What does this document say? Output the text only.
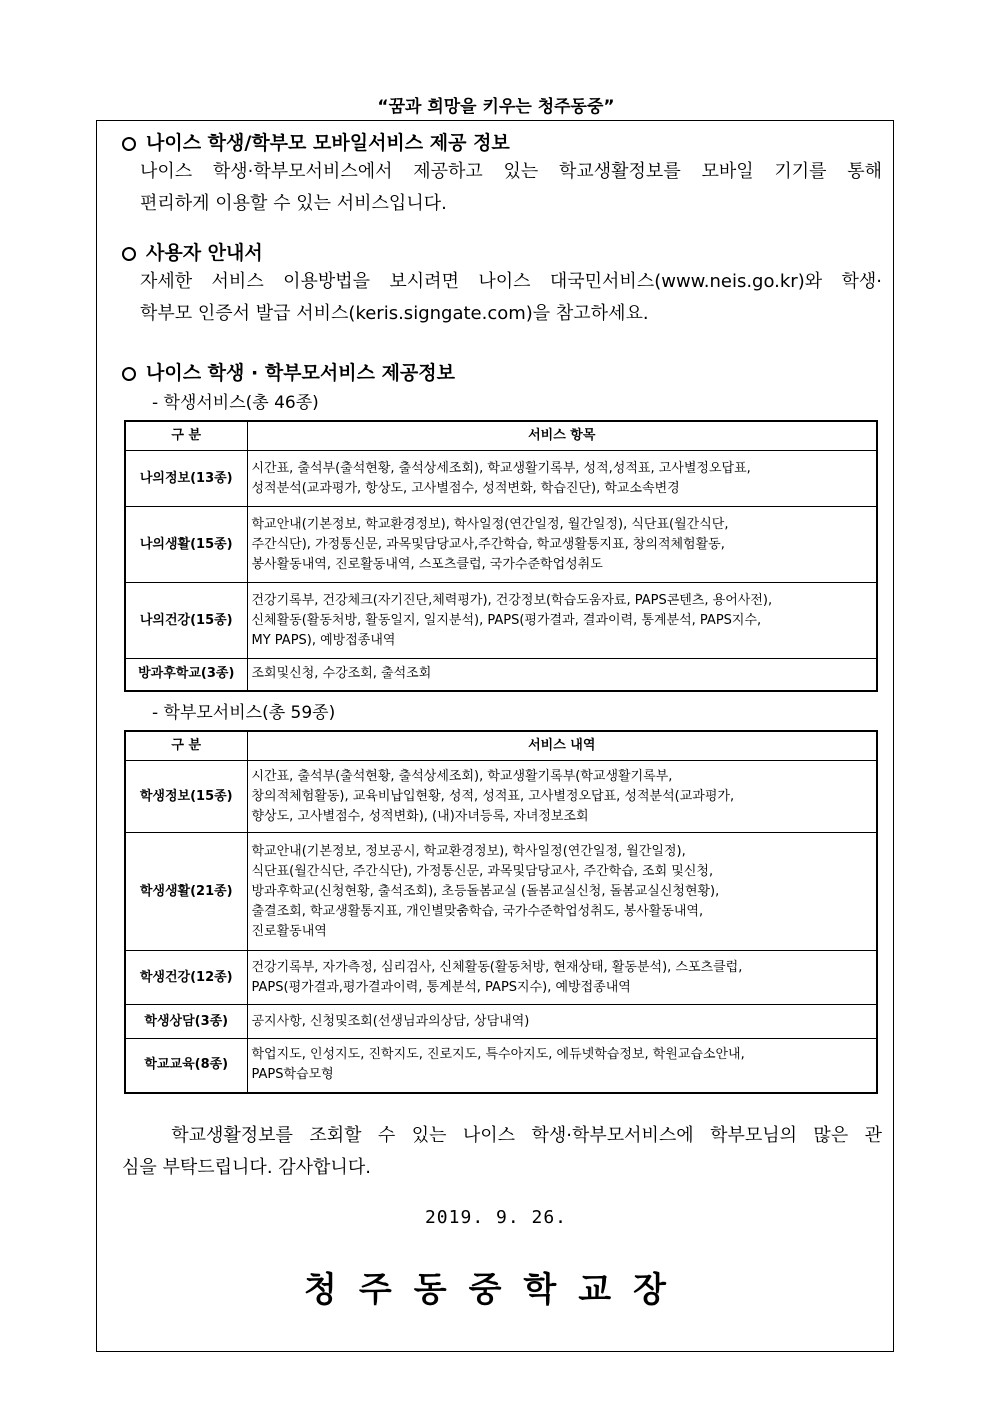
“꿈과 희망을 키우는 청주동중”
나이스 학생/학부모 모바일서비스 제공 정보
나이스 학생·학부모서비스에서 제공하고 있는 학교생활정보를 모바일 기기를 통해
편리하게 이용할 수 있는 서비스입니다.
사용자 안내서
자세한 서비스 이용방법을 보시려면 나이스 대국민서비스(www.neis.go.kr)와 학생·
학부모 인증서 발급 서비스(keris.signgate.com)을 참고하세요.
나이스 학생 · 학부모서비스 제공정보
- 학생서비스(총 46종)
구 분	서비스 항목
나의정보(13종)	시간표, 출석부(출석현황, 출석상세조회), 학교생활기록부, 성적,성적표, 고사별정오답표,
성적분석(교과평가, 항상도, 고사별점수, 성적변화, 학습진단), 학교소속변경

나의생활(15종)	학교안내(기본정보, 학교환경정보), 학사일정(연간일정, 월간일정), 식단표(월간식단,
주간식단), 가정통신문, 과목및담당교사,주간학습, 학교생활통지표, 창의적체험활동,
봉사활동내역, 진로활동내역, 스포츠클럽, 국가수준학업성취도

나의건강(15종)	건강기록부, 건강체크(자기진단,체력평가), 건강정보(학습도움자료, PAPS콘텐츠, 용어사전),
신체활동(활동처방, 활동일지, 일지분석), PAPS(평가결과, 결과이력, 통계분석, PAPS지수,
MY PAPS), 예방접종내역

방과후학교(3종)	조회및신청, 수강조회, 출석조회
- 학부모서비스(총 59종)
구 분	서비스 내역
학생정보(15종)	시간표, 출석부(출석현황, 출석상세조회), 학교생활기록부(학교생활기록부,
창의적체험활동), 교육비납입현황, 성적, 성적표, 고사별정오답표, 성적분석(교과평가,
향상도, 고사별점수, 성적변화), (내)자녀등록, 자녀정보조회

학생생활(21종)	학교안내(기본정보, 정보공시, 학교환경정보), 학사일정(연간일정, 월간일정),
식단표(월간식단, 주간식단), 가정통신문, 과목및담당교사, 주간학습, 조회 및신청,
방과후학교(신청현황, 출석조회), 초등돌봄교실 (돌봄교실신청, 돌봄교실신청현황),
출결조회, 학교생활통지표, 개인별맞춤학습, 국가수준학업성취도, 봉사활동내역,
진로활동내역

학생건강(12종)	건강기록부, 자가측정, 심리검사, 신체활동(활동처방, 현재상태, 활동분석), 스포츠클럽,
PAPS(평가결과,평가결과이력, 통계분석, PAPS지수), 예방접종내역

학생상담(3종)	공지사항, 신청및조회(선생님과의상담, 상담내역)

학교교육(8종)	학업지도, 인성지도, 진학지도, 진로지도, 특수아지도, 에듀넷학습정보, 학원교습소안내,
PAPS학습모형
학교생활정보를 조회할 수 있는 나이스 학생·학부모서비스에 학부모님의 많은 관
심을 부탁드립니다. 감사합니다.
2019. 9. 26.
청주동중학교장
